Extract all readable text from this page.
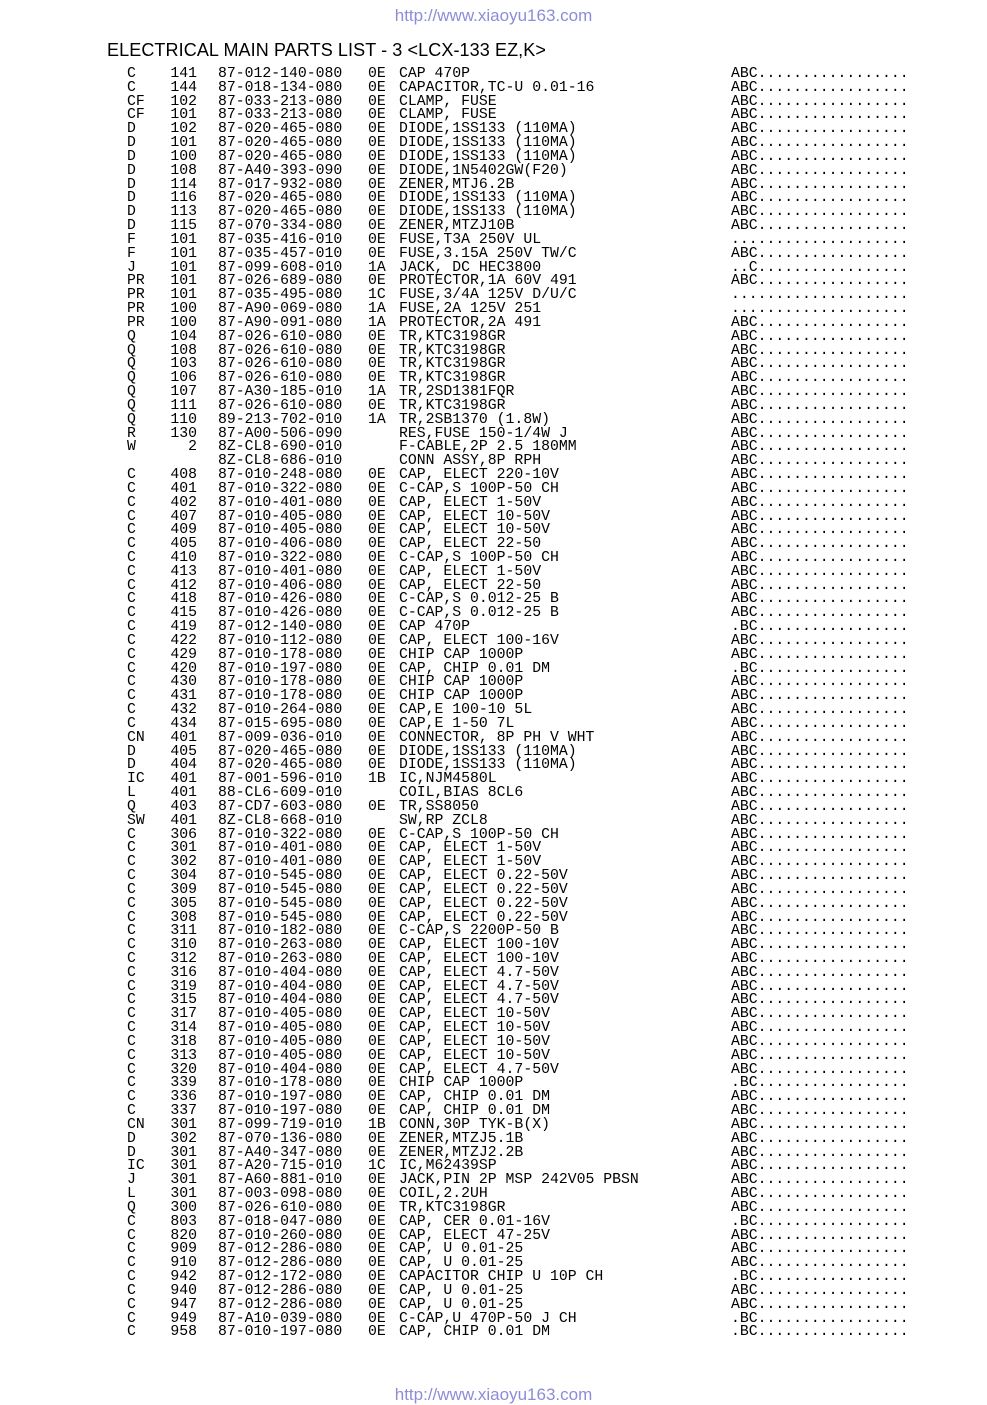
http://www.xiaoyu163.com
ELECTRICAL MAIN PARTS LIST - 3 <LCX-133 EZ,K>
C	141 87-012-140-080 0E CAP 470P	ABC.................
C	144 87-018-134-080 0E CAPACITOR,TC-U 0.01-16	ABC.................
CF	102 87-033-213-080 0E CLAMP, FUSE	ABC.................
CF	101 87-033-213-080 0E CLAMP, FUSE	ABC.................
D	102 87-020-465-080 0E DIODE,1SS133 (110MA)	ABC.................
D	101 87-020-465-080 0E DIODE,1SS133 (110MA)	ABC.................
D	100 87-020-465-080 0E DIODE,1SS133 (110MA)	ABC.................
D	108 87-A40-393-090 0E DIODE,1N5402GW(F20)	ABC.................
D	114 87-017-932-080 0E ZENER,MTJ6.2B	ABC.................
D	116 87-020-465-080 0E DIODE,1SS133 (110MA)	ABC.................
D	113 87-020-465-080 0E DIODE,1SS133 (110MA)	ABC.................
D	115 87-070-334-080 0E ZENER,MTZJ10B	ABC.................
F	101 87-035-416-010 0E FUSE,T3A 250V UL	....................
F	101 87-035-457-010 0E FUSE,3.15A 250V TW/C	ABC.................
J	101 87-099-608-010 1A JACK, DC HEC3800	..C.................
PR	101 87-026-689-080 0E PROTECTOR,1A 60V 491	ABC.................
PR	101 87-035-495-080 1C FUSE,3/4A 125V D/U/C	....................
PR	100 87-A90-069-080 1A FUSE,2A 125V 251	....................
PR	100 87-A90-091-080 1A PROTECTOR,2A 491	ABC.................
Q	104 87-026-610-080 0E TR,KTC3198GR	ABC.................
Q	108 87-026-610-080 0E TR,KTC3198GR	ABC.................
Q	103 87-026-610-080 0E TR,KTC3198GR	ABC.................
Q	106 87-026-610-080 0E TR,KTC3198GR	ABC.................
Q	107 87-A30-185-010 1A TR,2SD1381FQR	ABC.................
Q	111 87-026-610-080 0E TR,KTC3198GR	ABC.................
Q	110 89-213-702-010 1A TR,2SB1370 (1.8W)	ABC.................
R	130 87-A00-506-090	RES,FUSE 150-1/4W J	ABC.................
W	2 8Z-CL8-690-010	F-CABLE,2P 2.5 180MM	ABC.................
8Z-CL8-686-010	CONN ASSY,8P RPH	ABC.................
C	408 87-010-248-080 0E CAP, ELECT 220-10V	ABC.................
C	401 87-010-322-080 0E C-CAP,S 100P-50 CH	ABC.................
C	402 87-010-401-080 0E CAP, ELECT 1-50V	ABC.................
C	407 87-010-405-080 0E CAP, ELECT 10-50V	ABC.................
C	409 87-010-405-080 0E CAP, ELECT 10-50V	ABC.................
C	405 87-010-406-080 0E CAP, ELECT 22-50	ABC.................
C	410 87-010-322-080 0E C-CAP,S 100P-50 CH	ABC.................
C	413 87-010-401-080 0E CAP, ELECT 1-50V	ABC.................
C	412 87-010-406-080 0E CAP, ELECT 22-50	ABC.................
C	418 87-010-426-080 0E C-CAP,S 0.012-25 B	ABC.................
C	415 87-010-426-080 0E C-CAP,S 0.012-25 B	ABC.................
C	419 87-012-140-080 0E CAP 470P	.BC.................
C	422 87-010-112-080 0E CAP, ELECT 100-16V	ABC.................
C	429 87-010-178-080 0E CHIP CAP 1000P	ABC.................
C	420 87-010-197-080 0E CAP, CHIP 0.01 DM	.BC.................
C	430 87-010-178-080 0E CHIP CAP 1000P	ABC.................
C	431 87-010-178-080 0E CHIP CAP 1000P	ABC.................
C	432 87-010-264-080 0E CAP,E 100-10 5L	ABC.................
C	434 87-015-695-080 0E CAP,E 1-50 7L	ABC.................
CN	401 87-009-036-010 0E CONNECTOR, 8P PH V WHT	ABC.................
D	405 87-020-465-080 0E DIODE,1SS133 (110MA)	ABC.................
D	404 87-020-465-080 0E DIODE,1SS133 (110MA)	ABC.................
IC	401 87-001-596-010 1B IC,NJM4580L	ABC.................
L	401 88-CL6-609-010	COIL,BIAS 8CL6	ABC.................
Q	403 87-CD7-603-080 0E TR,SS8050	ABC.................
SW	401 8Z-CL8-668-010	SW,RP ZCL8	ABC.................
C	306 87-010-322-080 0E C-CAP,S 100P-50 CH	ABC.................
C	301 87-010-401-080 0E CAP, ELECT 1-50V	ABC.................
C	302 87-010-401-080 0E CAP, ELECT 1-50V	ABC.................
C	304 87-010-545-080 0E CAP, ELECT 0.22-50V	ABC.................
C	309 87-010-545-080 0E CAP, ELECT 0.22-50V	ABC.................
C	305 87-010-545-080 0E CAP, ELECT 0.22-50V	ABC.................
C	308 87-010-545-080 0E CAP, ELECT 0.22-50V	ABC.................
C	311 87-010-182-080 0E C-CAP,S 2200P-50 B	ABC.................
C	310 87-010-263-080 0E CAP, ELECT 100-10V	ABC.................
C	312 87-010-263-080 0E CAP, ELECT 100-10V	ABC.................
C	316 87-010-404-080 0E CAP, ELECT 4.7-50V	ABC.................
C	319 87-010-404-080 0E CAP, ELECT 4.7-50V	ABC.................
C	315 87-010-404-080 0E CAP, ELECT 4.7-50V	ABC.................
C	317 87-010-405-080 0E CAP, ELECT 10-50V	ABC.................
C	314 87-010-405-080 0E CAP, ELECT 10-50V	ABC.................
C	318 87-010-405-080 0E CAP, ELECT 10-50V	ABC.................
C	313 87-010-405-080 0E CAP, ELECT 10-50V	ABC.................
C	320 87-010-404-080 0E CAP, ELECT 4.7-50V	ABC.................
C	339 87-010-178-080 0E CHIP CAP 1000P	.BC.................
C	336 87-010-197-080 0E CAP, CHIP 0.01 DM	ABC.................
C	337 87-010-197-080 0E CAP, CHIP 0.01 DM	ABC.................
CN	301 87-099-719-010 1B CONN,30P TYK-B(X)	ABC.................
D	302 87-070-136-080 0E ZENER,MTZJ5.1B	ABC.................
D	301 87-A40-347-080 0E ZENER,MTZJ2.2B	ABC.................
IC	301 87-A20-715-010 1C IC,M62439SP	ABC.................
J	301 87-A60-881-010 0E JACK,PIN 2P MSP 242V05 PBSN	ABC.................
L	301 87-003-098-080 0E COIL,2.2UH	ABC.................
Q	300 87-026-610-080 0E TR,KTC3198GR	ABC.................
C	803 87-018-047-080 0E CAP, CER 0.01-16V	.BC.................
C	820 87-010-260-080 0E CAP, ELECT 47-25V	ABC.................
C	909 87-012-286-080 0E CAP, U 0.01-25	ABC.................
C	910 87-012-286-080 0E CAP, U 0.01-25	ABC.................
C	942 87-012-172-080 0E CAPACITOR CHIP U 10P CH	.BC.................
C	940 87-012-286-080 0E CAP, U 0.01-25	ABC.................
C	947 87-012-286-080 0E CAP, U 0.01-25	ABC.................
C	949 87-A10-039-080 0E C-CAP,U 470P-50 J CH	.BC.................
C	958 87-010-197-080 0E CAP, CHIP 0.01 DM	.BC.................
http://www.xiaoyu163.com
